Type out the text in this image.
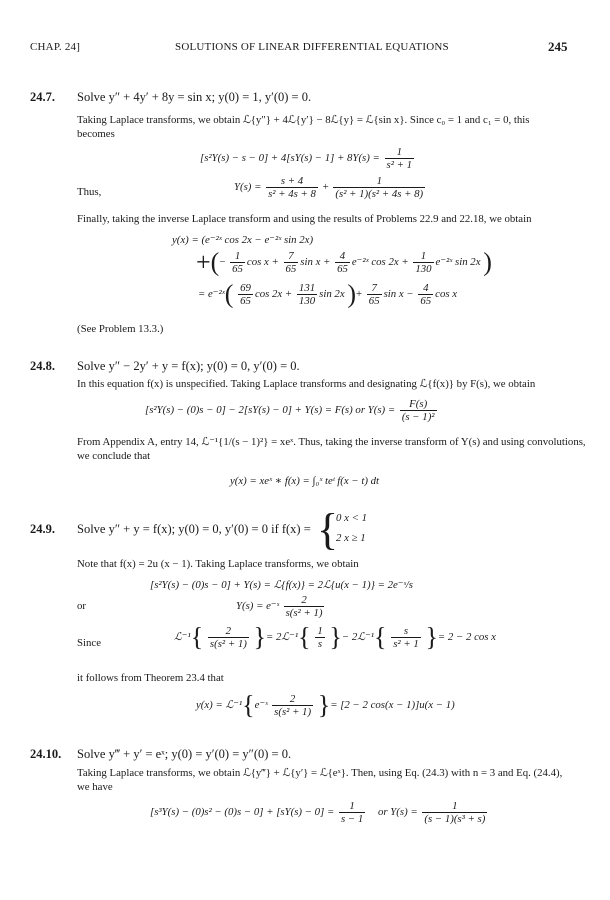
CHAP. 24]	SOLUTIONS OF LINEAR DIFFERENTIAL EQUATIONS	245
24.7. Solve y″ + 4y′ + 8y = sin x; y(0) = 1, y′(0) = 0.
Taking Laplace transforms, we obtain ℒ{y″} + 4ℒ{y′} − 8ℒ{y} = ℒ{sin x}. Since c₀ = 1 and c₁ = 0, this
becomes
$[s^2Y(s) - s - 0] + 4[sY(s) - 1] + 8Y(s) = \frac{1}{\text{s² + 1}}$
Thus,	$Y(s) = \frac{s + 4}{\text{s² + 4s + 8}} + \frac{1}{\text{(s² + 1)(s² + 4s + 8)}}$
Finally, taking the inverse Laplace transform and using the results of Problems 22.9 and 22.18, we obtain
y(x) = (e⁻²ˣ cos 2x − e⁻²ˣ sin 2x)
+(− $\frac{1}{65}$ $\cos x + \frac{7}{65}$ $\sin x + \frac{4}{65}$ e⁻²ˣ $\cos 2x + \frac{1}{130}$ e⁻²ˣ sin 2x )
= e⁻²ˣ( $\frac{69}{65}$ $\cos 2x + \frac{131}{130}$ sin 2x )+ $\frac{7}{65}$ $\sin x - \frac{4}{65}$ cos x
(See Problem 13.3.)
24.8. Solve y″ − 2y′ + y = f(x); y(0) = 0, y′(0) = 0.
In this equation f(x) is unspecified. Taking Laplace transforms and designating ℒ{f(x)} by F(s), we obtain
[s²Y(s) − (0)s − 0] − 2[sY(s) − 0] + Y(s) = F(s) or $Y(s) = \frac{F(s)}{\text{(s − 1)²}}$
From Appendix A, entry 14, ℒ⁻¹{1/(s − 1)²} = xeˣ. Thus, taking the inverse transform of Y(s) and using convolutions,
we conclude that
y(x) = xeˣ ∗ f(x) = ∫₀ˣ teᵗ f(x − t) dt
24.9. Solve y″ + y = f(x); y(0) = 0, y′(0) = 0 if f(x) = {
0 x < 1
2 x ≥ 1
Note that f(x) = 2u (x − 1). Taking Laplace transforms, we obtain
[s²Y(s) − (0)s − 0] + Y(s) = ℒ{f(x)} = 2ℒ{u(x − 1)} = 2e⁻ˢ/s
or	Y(s) = e⁻ˢ $\frac{2}{\text{s(s² + 1)}}$
Since
ℒ⁻¹{ $\frac{2}{\text{s(s² + 1)}}$ }= 2ℒ⁻¹{ $\frac{1}{s}$ }− 2ℒ⁻¹{ $\frac{s}{\text{s² + 1}}$ }= 2 − 2 cos x
it follows from Theorem 23.4 that
y(x) = ℒ⁻¹{e⁻ˢ $\frac{2}{\text{s(s² + 1)}}$ }= [2 − 2 cos(x − 1)]u(x − 1)
24.10. Solve y‴ + y′ = eˣ; y(0) = y′(0) = y″(0) = 0.
Taking Laplace transforms, we obtain ℒ{y‴} + ℒ{y′} = ℒ{eˣ}. Then, using Eq. (24.3) with n = 3 and Eq. (24.4),
we have
$[s^3Y(s) - (0)s^2 - (0)s - 0] + [sY(s) - 0] = \frac{1}{s - 1}$ or $Y(s) = \frac{1}{\text{(s − 1)(s³ + s)}}$
